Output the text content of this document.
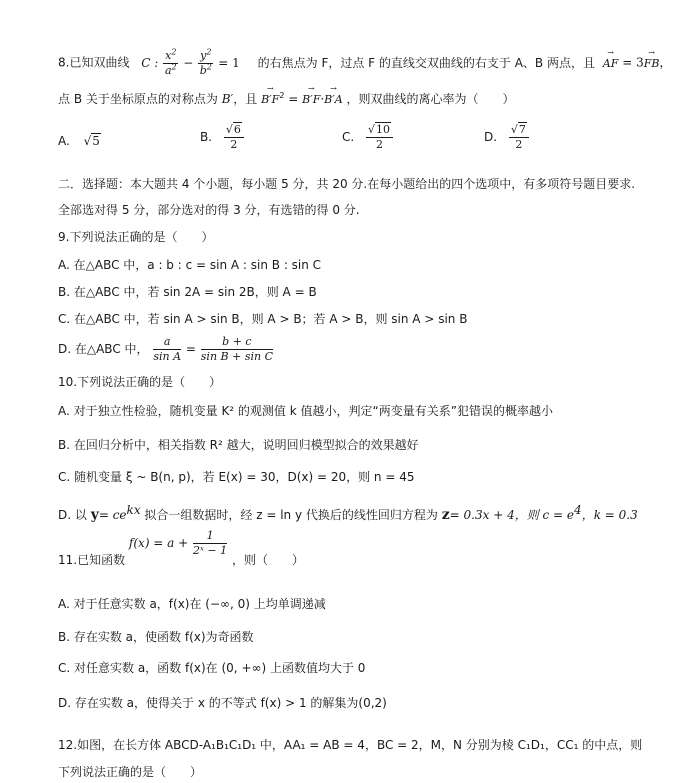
8.已知双曲线 C : $\frac{x^2}{a^2} - \frac{y^2}{b^2} = 1$ 的右焦点为 F，过点 F 的直线交双曲线的右支于 A、B 两点，且 → AF = 3→ FB，
点 B 关于坐标原点的对称点为 B′，且 → $B'F^2$ = → B′F·→ B′A ，则双曲线的离心率为（　　）
A. √5	B. $\frac{√6}{2}$	C. $\frac{√10}{2}$	D. $\frac{√7}{2}$
二．选择题：本大题共 4 个小题，每小题 5 分，共 20 分.在每小题给出的四个选项中，有多项符号题目要求.
全部选对得 5 分，部分选对的得 3 分，有选错的得 0 分.
9.下列说法正确的是（　　）
A. 在△ABC 中，a : b : c = sin A : sin B : sin C
B. 在△ABC 中，若 sin 2A = sin 2B，则 A = B
C. 在△ABC 中，若 sin A > sin B，则 A > B；若 A > B，则 sin A > sin B
D. 在△ABC 中， $\frac{a}{\text{sin A}} = \frac{b + c}{\text{sin B + sin C}}$
10.下列说法正确的是（　　）
A. 对于独立性检验，随机变量 K² 的观测值 k 值越小，判定“两变量有关系”犯错误的概率越小
B. 在回归分析中，相关指数 R² 越大，说明回归模型拟合的效果越好
C. 随机变量 ξ ~ B(n, p)，若 E(x) = 30，D(x) = 20，则 n = 45
D. 以 $y= ce^{kx}$ 拟合一组数据时，经 z = ln y 代换后的线性回归方程为 z= 0.3x + 4，则 $c = e^4$，k = 0.3
11.已知函数 $f(x) = a + \frac{1}{\text{2ˣ − 1}}$
，则（　　）
A. 对于任意实数 a，f(x)在 (−∞, 0) 上均单调递减
B. 存在实数 a，使函数 f(x)为奇函数
C. 对任意实数 a，函数 f(x)在 (0, +∞) 上函数值均大于 0
D. 存在实数 a，使得关于 x 的不等式 f(x) > 1 的解集为(0,2)
12.如图，在长方体 ABCD-A₁B₁C₁D₁ 中，AA₁ = AB = 4，BC = 2，M，N 分别为棱 C₁D₁，CC₁ 的中点，则
下列说法正确的是（　　）
